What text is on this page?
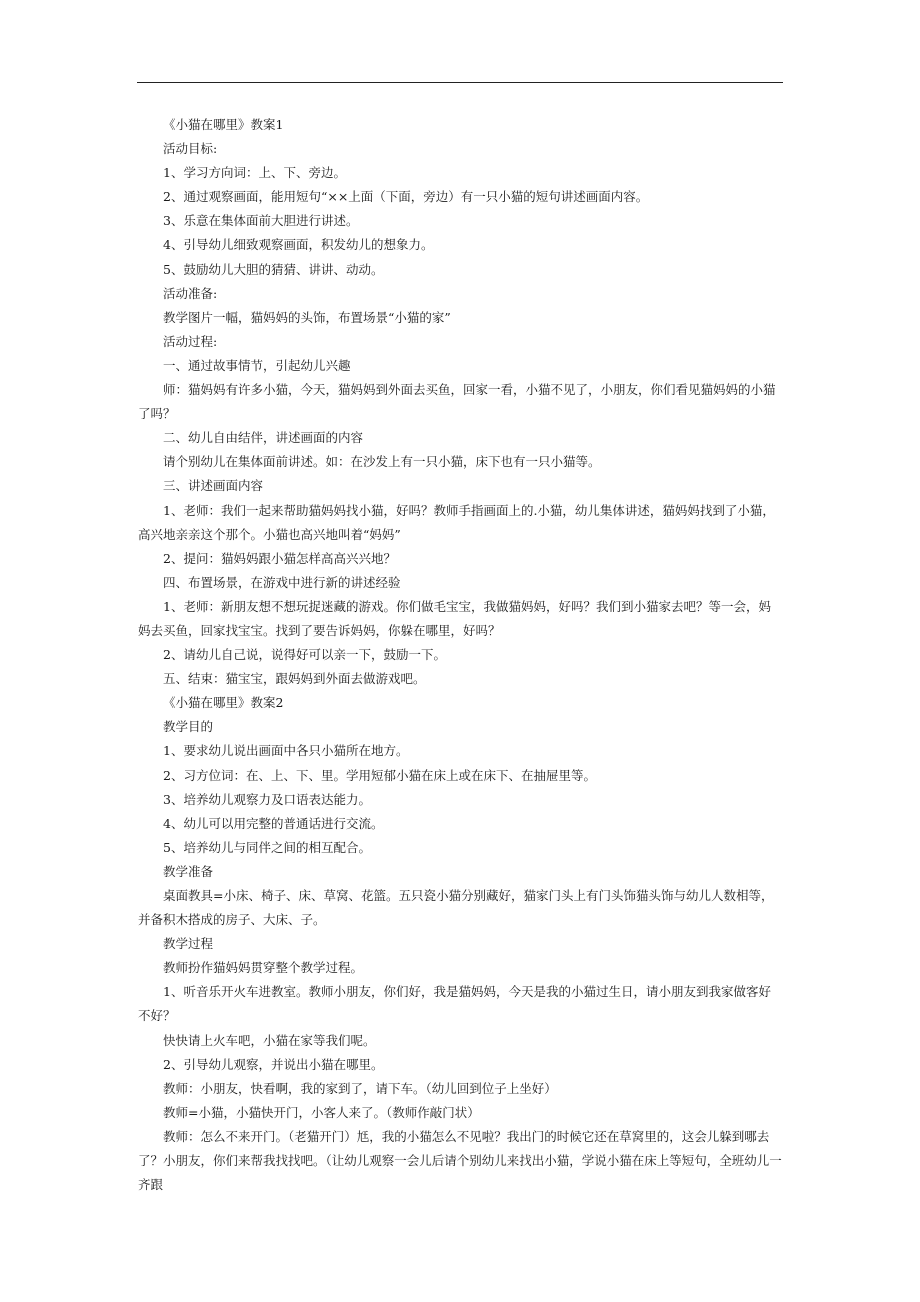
《小猫在哪里》教案1

活动目标:

1、学习方向词：上、下、旁边。

2、通过观察画面，能用短句“××上面（下面，旁边）有一只小猫的短句讲述画面内容。

3、乐意在集体面前大胆进行讲述。

4、引导幼儿细致观察画面，积发幼儿的想象力。

5、鼓励幼儿大胆的猜猜、讲讲、动动。

活动准备:

教学图片一幅，猫妈妈的头饰，布置场景“小猫的家”

活动过程:

一、通过故事情节，引起幼儿兴趣

师：猫妈妈有许多小猫，今天，猫妈妈到外面去买鱼，回家一看，小猫不见了，小朋友，你们看见猫妈妈的小猫了吗？

二、幼儿自由结伴，讲述画面的内容

请个别幼儿在集体面前讲述。如：在沙发上有一只小猫，床下也有一只小猫等。

三、讲述画面内容

1、老师：我们一起来帮助猫妈妈找小猫，好吗？教师手指画面上的.小猫，幼儿集体讲述，猫妈妈找到了小猫，高兴地亲亲这个那个。小猫也高兴地叫着“妈妈”

2、提问：猫妈妈跟小猫怎样高高兴兴地？

四、布置场景，在游戏中进行新的讲述经验

1、老师：新朋友想不想玩捉迷藏的游戏。你们做毛宝宝，我做猫妈妈，好吗？我们到小猫家去吧？等一会，妈妈去买鱼，回家找宝宝。找到了要告诉妈妈，你躲在哪里，好吗？

2、请幼儿自己说，说得好可以亲一下，鼓励一下。

五、结束：猫宝宝，跟妈妈到外面去做游戏吧。

《小猫在哪里》教案2

教学目的

1、要求幼儿说出画面中各只小猫所在地方。

2、习方位词：在、上、下、里。学用短郁小猫在床上或在床下、在抽屉里等。

3、培养幼儿观察力及口语表达能力。

4、幼儿可以用完整的普通话进行交流。

5、培养幼儿与同伴之间的相互配合。

教学准备

桌面教具=小床、椅子、床、草窝、花篮。五只瓷小猫分别藏好，猫家门头上有门头饰猫头饰与幼儿人数相等，并备积木搭成的房子、大床、子。

教学过程

教师扮作猫妈妈贯穿整个教学过程。

1、听音乐开火车进教室。教师小朋友，你们好，我是猫妈妈，今天是我的小猫过生日，请小朋友到我家做客好不好？

快快请上火车吧，小猫在家等我们呢。

2、引导幼儿观察，并说出小猫在哪里。

教师：小朋友，快看啊，我的家到了，请下车。（幼儿回到位子上坐好）

教师=小猫，小猫快开门，小客人来了。（教师作敲门状）

教师：怎么不来开门。（老猫开门）尪，我的小猫怎么不见啦？我出门的时候它还在草窝里的，这会儿躲到哪去了？小朋友，你们来帮我找找吧。（让幼儿观察一会儿后请个别幼儿来找出小猫，学说小猫在床上等短句，全班幼儿一齐跟
